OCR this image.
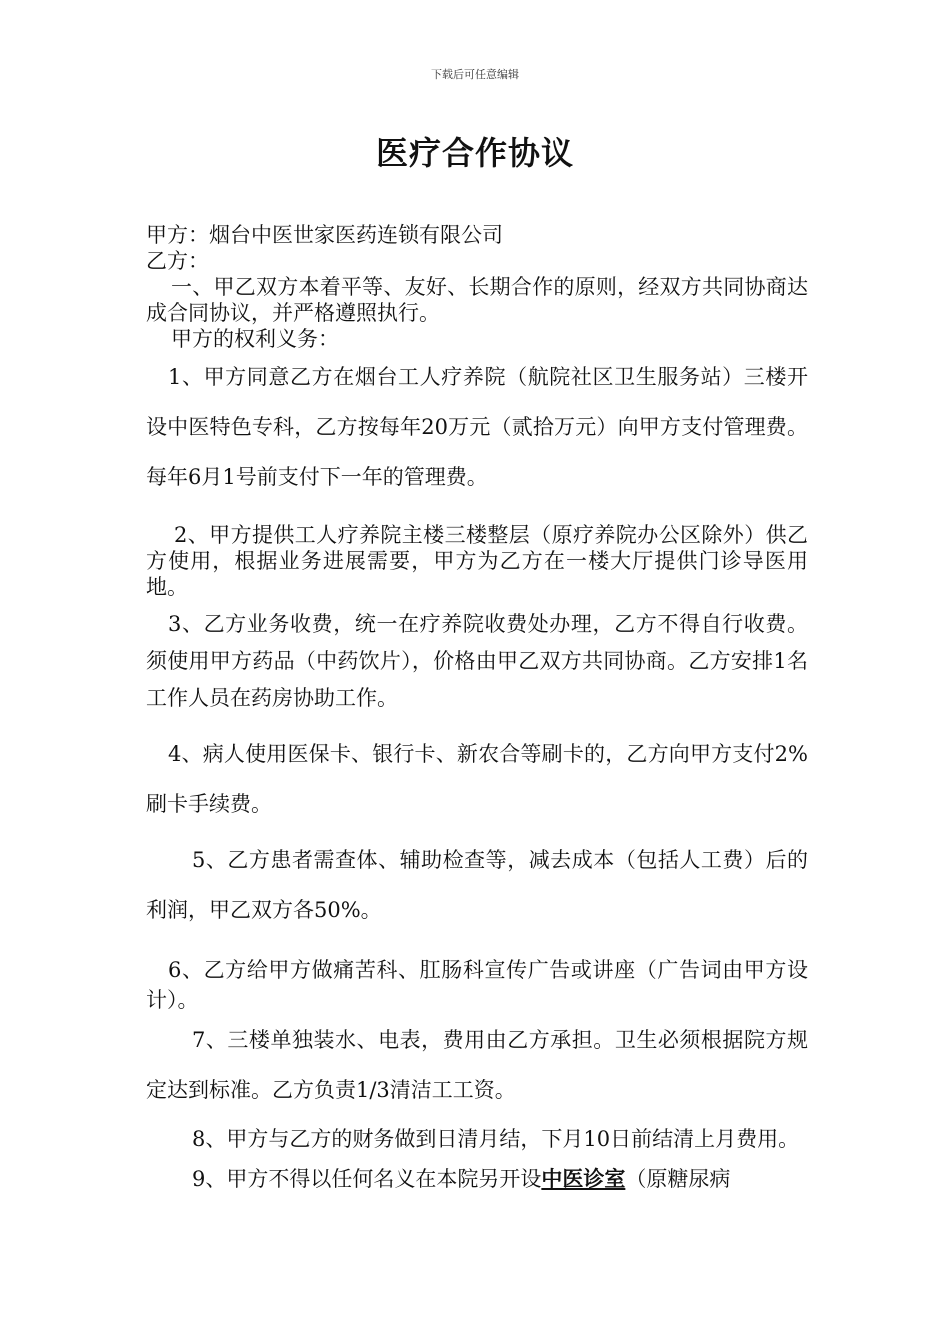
下载后可任意编辑
医疗合作协议

甲方：烟台中医世家医药连锁有限公司

乙方：

一、甲乙双方本着平等、友好、长期合作的原则，经双方共同协商达成合同协议，并严格遵照执行。

甲方的权利义务：

1、甲方同意乙方在烟台工人疗养院（航院社区卫生服务站）三楼开设中医特色专科，乙方按每年20万元（贰拾万元）向甲方支付管理费。每年6月1号前支付下一年的管理费。

2、甲方提供工人疗养院主楼三楼整层（原疗养院办公区除外）供乙方使用，根据业务进展需要，甲方为乙方在一楼大厅提供门诊导医用地。

3、乙方业务收费，统一在疗养院收费处办理，乙方不得自行收费。须使用甲方药品（中药饮片），价格由甲乙双方共同协商。乙方安排1名工作人员在药房协助工作。

4、病人使用医保卡、银行卡、新农合等刷卡的，乙方向甲方支付2%刷卡手续费。

5、乙方患者需查体、辅助检查等，减去成本（包括人工费）后的利润，甲乙双方各50%。

6、乙方给甲方做痛苦科、肛肠科宣传广告或讲座（广告词由甲方设计）。

7、三楼单独装水、电表，费用由乙方承担。卫生必须根据院方规定达到标准。乙方负责1/3清洁工工资。

8、甲方与乙方的财务做到日清月结，下月10日前结清上月费用。

9、甲方不得以任何名义在本院另开设中医诊室（原糖尿病
